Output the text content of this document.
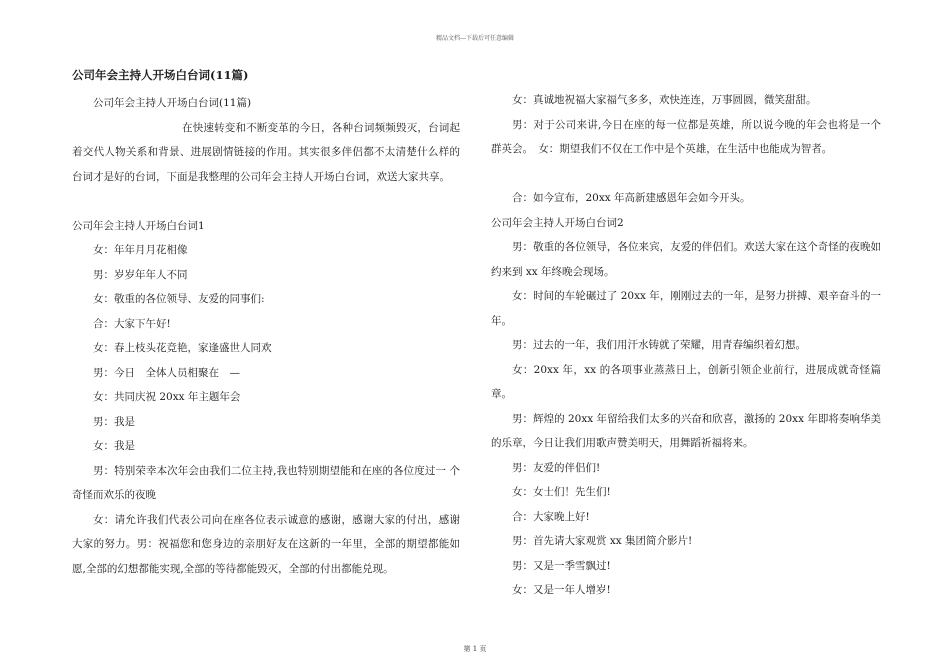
精品文档---下载后可任意编辑

公司年会主持人开场白台词(11篇)

公司年会主持人开场白台词(11篇)

在快速转变和不断变革的今日，各种台词频频毁灭，台词起着交代人物关系和背景、进展剧情链接的作用。其实很多伴侣都不太清楚什么样的台词才是好的台词，下面是我整理的公司年会主持人开场白台词，欢送大家共享。

公司年会主持人开场白台词1

女：年年月月花相像

男：岁岁年年人不同

女：敬重的各位领导、友爱的同事们:

合：大家下午好!

女：春上枝头花竞艳，家逢盛世人同欢

男：今日　全体人员相聚在　—

女：共同庆祝 20xx 年主题年会

男：我是

女：我是

男：特别荣幸本次年会由我们二位主持,我也特别期望能和在座的各位度过一 个奇怪而欢乐的夜晚

女：请允许我们代表公司向在座各位表示诚意的感谢，感谢大家的付出，感谢大家的努力。男：祝福您和您身边的亲朋好友在这新的一年里，全部的期望都能如愿,全部的幻想都能实现,全部的等待都能毁灭，全部的付出都能兑现。

女：真诚地祝福大家福气多多，欢快连连，万事圆圆，微笑甜甜。

男：对于公司来讲,今日在座的每一位都是英雄，所以说今晚的年会也将是一个群英会。　女：期望我们不仅在工作中是个英雄，在生活中也能成为智者。

合：如今宣布，20xx 年高新建感恩年会如今开头。

公司年会主持人开场白台词2

男：敬重的各位领导，各位来宾，友爱的伴侣们。欢送大家在这个奇怪的夜晚如约来到 xx 年终晚会现场。

女：时间的车轮碾过了 20xx 年，刚刚过去的一年，是努力拼搏、艰辛奋斗的一年。

男：过去的一年，我们用汗水铸就了荣耀，用青春编织着幻想。

女：20xx 年，xx 的各项事业蒸蒸日上，创新引领企业前行，进展成就奇怪篇章。

男：辉煌的 20xx 年留给我们太多的兴奋和欣喜，激扬的 20xx 年即将奏响华美的乐章，今日让我们用歌声赞美明天，用舞蹈祈福将来。

男：友爱的伴侣们!

女：女士们！先生们!

合：大家晚上好!

男：首先请大家观赏 xx 集团简介影片!

男：又是一季雪飘过!

女：又是一年人增岁!

第 1 页
